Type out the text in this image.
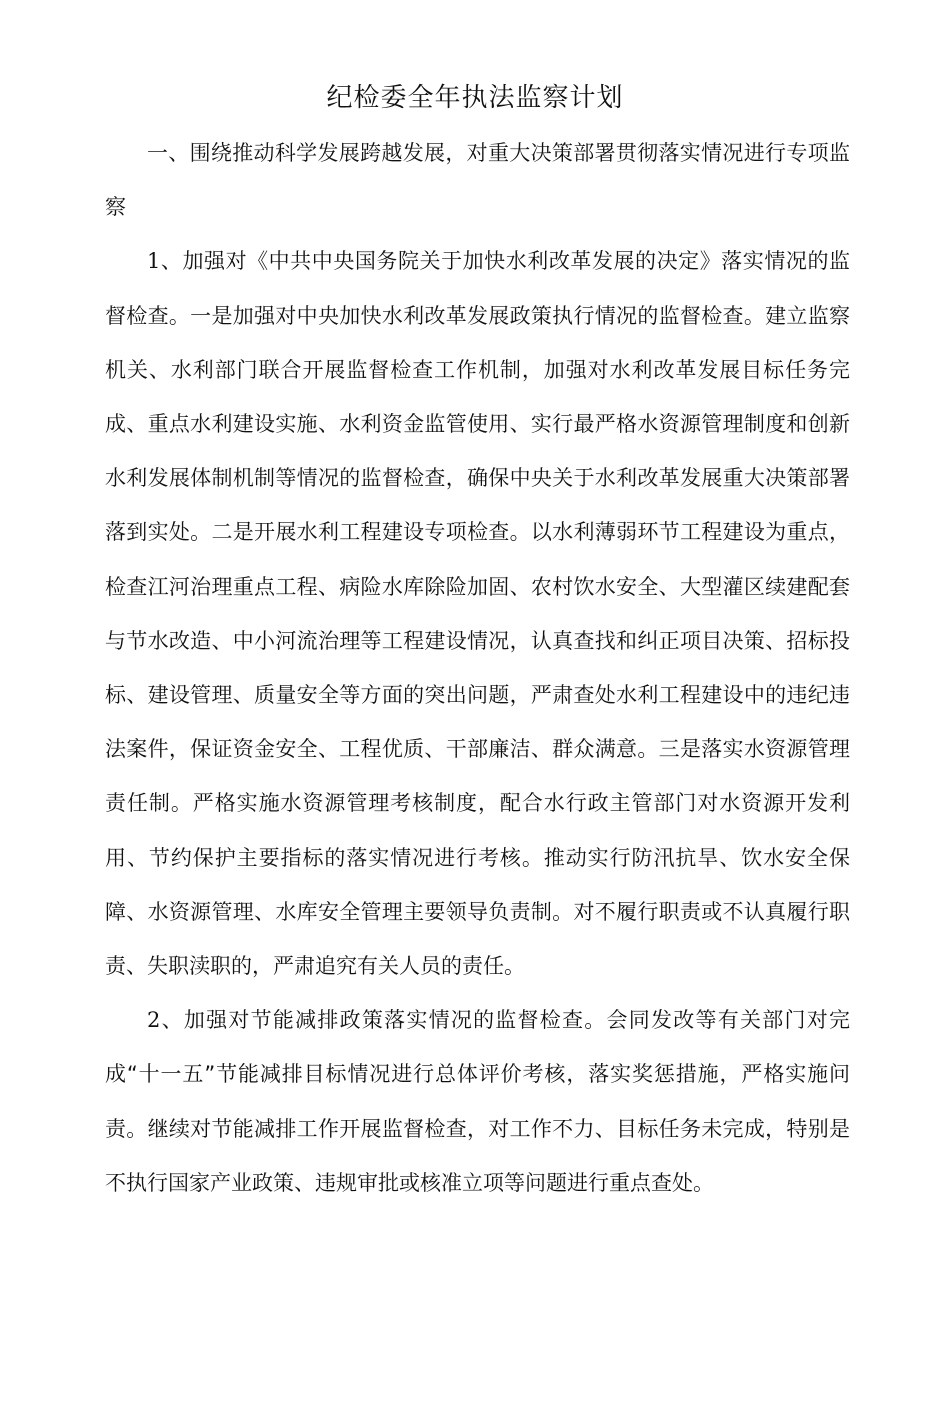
纪检委全年执法监察计划

一、围绕推动科学发展跨越发展，对重大决策部署贯彻落实情况进行专项监察

1、加强对《中共中央国务院关于加快水利改革发展的决定》落实情况的监督检查。一是加强对中央加快水利改革发展政策执行情况的监督检查。建立监察机关、水利部门联合开展监督检查工作机制，加强对水利改革发展目标任务完成、重点水利建设实施、水利资金监管使用、实行最严格水资源管理制度和创新水利发展体制机制等情况的监督检查，确保中央关于水利改革发展重大决策部署落到实处。二是开展水利工程建设专项检查。以水利薄弱环节工程建设为重点，检查江河治理重点工程、病险水库除险加固、农村饮水安全、大型灌区续建配套与节水改造、中小河流治理等工程建设情况，认真查找和纠正项目决策、招标投标、建设管理、质量安全等方面的突出问题，严肃查处水利工程建设中的违纪违法案件，保证资金安全、工程优质、干部廉洁、群众满意。三是落实水资源管理责任制。严格实施水资源管理考核制度，配合水行政主管部门对水资源开发利用、节约保护主要指标的落实情况进行考核。推动实行防汛抗旱、饮水安全保障、水资源管理、水库安全管理主要领导负责制。对不履行职责或不认真履行职责、失职渎职的，严肃追究有关人员的责任。

2、加强对节能减排政策落实情况的监督检查。会同发改等有关部门对完成“十一五”节能减排目标情况进行总体评价考核，落实奖惩措施，严格实施问责。继续对节能减排工作开展监督检查，对工作不力、目标任务未完成，特别是不执行国家产业政策、违规审批或核准立项等问题进行重点查处。
